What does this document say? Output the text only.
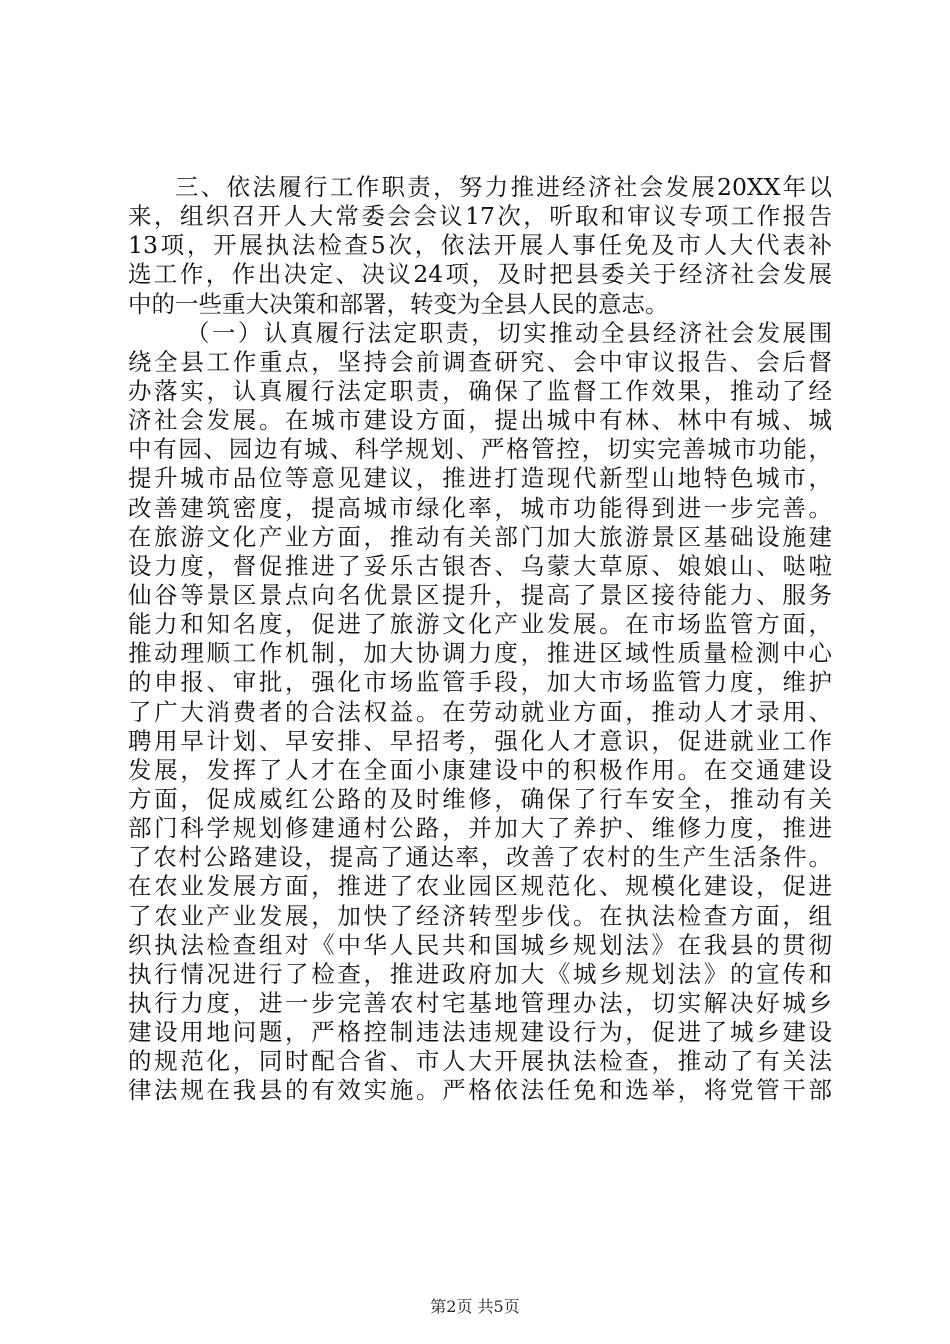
三、依法履行工作职责，努力推进经济社会发展20XX年以
来，组织召开人大常委会会议17次，听取和审议专项工作报告
13项，开展执法检查5次，依法开展人事任免及市人大代表补
选工作，作出决定、决议24项，及时把县委关于经济社会发展
中的一些重大决策和部署，转变为全县人民的意志。
（一）认真履行法定职责，切实推动全县经济社会发展围
绕全县工作重点，坚持会前调查研究、会中审议报告、会后督
办落实，认真履行法定职责，确保了监督工作效果，推动了经
济社会发展。在城市建设方面，提出城中有林、林中有城、城
中有园、园边有城、科学规划、严格管控，切实完善城市功能，
提升城市品位等意见建议，推进打造现代新型山地特色城市，
改善建筑密度，提高城市绿化率，城市功能得到进一步完善。
在旅游文化产业方面，推动有关部门加大旅游景区基础设施建
设力度，督促推进了妥乐古银杏、乌蒙大草原、娘娘山、哒啦
仙谷等景区景点向名优景区提升，提高了景区接待能力、服务
能力和知名度，促进了旅游文化产业发展。在市场监管方面，
推动理顺工作机制，加大协调力度，推进区域性质量检测中心
的申报、审批，强化市场监管手段，加大市场监管力度，维护
了广大消费者的合法权益。在劳动就业方面，推动人才录用、
聘用早计划、早安排、早招考，强化人才意识，促进就业工作
发展，发挥了人才在全面小康建设中的积极作用。在交通建设
方面，促成威红公路的及时维修，确保了行车安全，推动有关
部门科学规划修建通村公路，并加大了养护、维修力度，推进
了农村公路建设，提高了通达率，改善了农村的生产生活条件。
在农业发展方面，推进了农业园区规范化、规模化建设，促进
了农业产业发展，加快了经济转型步伐。在执法检查方面，组
织执法检查组对《中华人民共和国城乡规划法》在我县的贯彻
执行情况进行了检查，推进政府加大《城乡规划法》的宣传和
执行力度，进一步完善农村宅基地管理办法，切实解决好城乡
建设用地问题，严格控制违法违规建设行为，促进了城乡建设
的规范化，同时配合省、市人大开展执法检查，推动了有关法
律法规在我县的有效实施。严格依法任免和选举，将党管干部
第2页 共5页
